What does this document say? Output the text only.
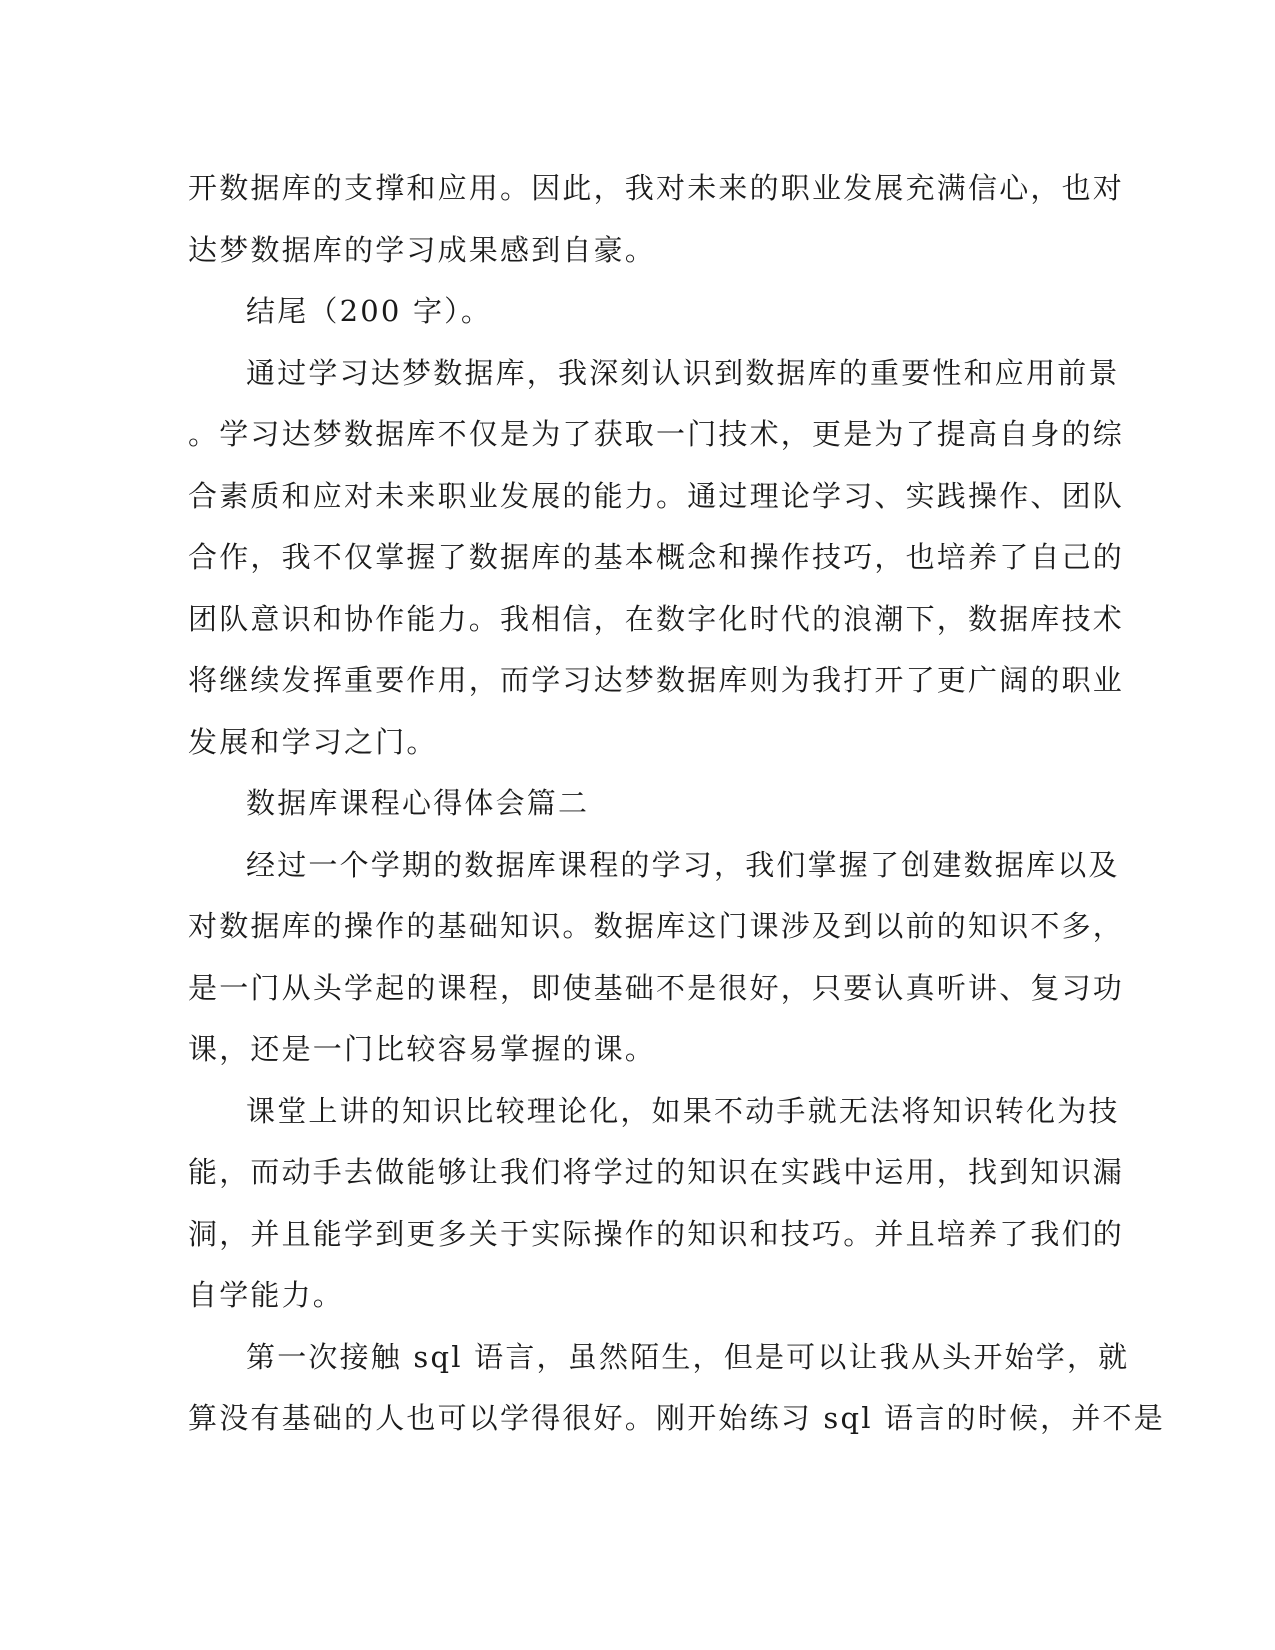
开数据库的支撑和应用。因此，我对未来的职业发展充满信心，也对
达梦数据库的学习成果感到自豪。

结尾（200 字）。

通过学习达梦数据库，我深刻认识到数据库的重要性和应用前景
。学习达梦数据库不仅是为了获取一门技术，更是为了提高自身的综
合素质和应对未来职业发展的能力。通过理论学习、实践操作、团队
合作，我不仅掌握了数据库的基本概念和操作技巧，也培养了自己的
团队意识和协作能力。我相信，在数字化时代的浪潮下，数据库技术
将继续发挥重要作用，而学习达梦数据库则为我打开了更广阔的职业
发展和学习之门。

数据库课程心得体会篇二

经过一个学期的数据库课程的学习，我们掌握了创建数据库以及
对数据库的操作的基础知识。数据库这门课涉及到以前的知识不多，
是一门从头学起的课程，即使基础不是很好，只要认真听讲、复习功
课，还是一门比较容易掌握的课。

课堂上讲的知识比较理论化，如果不动手就无法将知识转化为技
能，而动手去做能够让我们将学过的知识在实践中运用，找到知识漏
洞，并且能学到更多关于实际操作的知识和技巧。并且培养了我们的
自学能力。

第一次接触 sql 语言，虽然陌生，但是可以让我从头开始学，就
算没有基础的人也可以学得很好。刚开始练习 sql 语言的时候，并不是
